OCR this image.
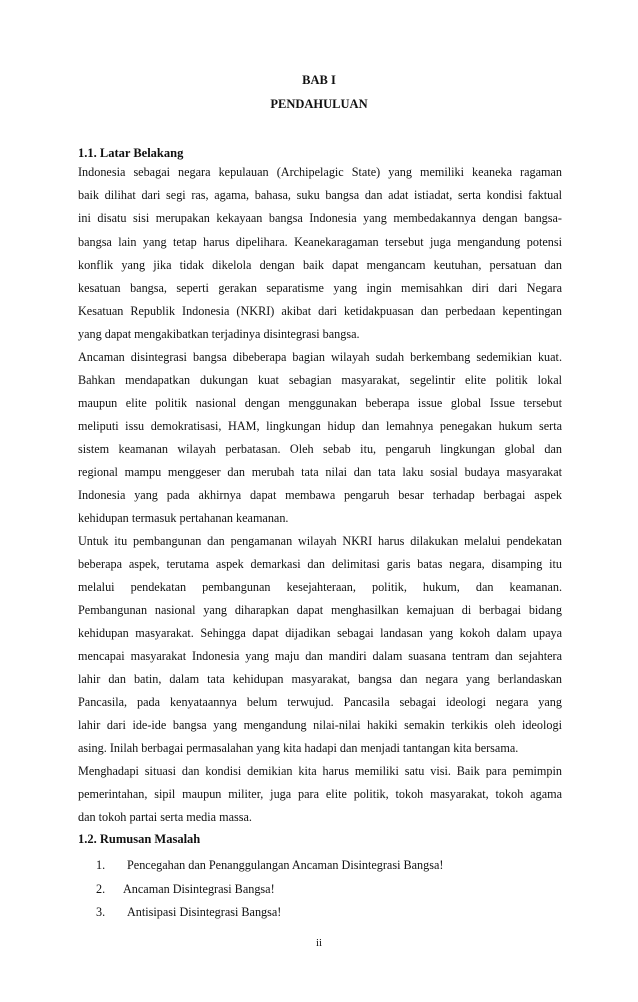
BAB I
PENDAHULUAN
1.1. Latar Belakang
Indonesia sebagai negara kepulauan (Archipelagic State) yang memiliki keaneka ragaman
baik dilihat dari segi ras, agama, bahasa, suku bangsa dan adat istiadat, serta kondisi faktual
ini disatu sisi merupakan kekayaan bangsa Indonesia yang membedakannya dengan bangsa-
bangsa lain yang tetap harus dipelihara. Keanekaragaman tersebut juga mengandung potensi
konflik yang jika tidak dikelola dengan baik dapat mengancam keutuhan, persatuan dan
kesatuan bangsa, seperti gerakan separatisme yang ingin memisahkan diri dari Negara
Kesatuan Republik Indonesia (NKRI) akibat dari ketidakpuasan dan perbedaan kepentingan
yang dapat mengakibatkan terjadinya disintegrasi bangsa.
Ancaman disintegrasi bangsa dibeberapa bagian wilayah sudah berkembang sedemikian kuat.
Bahkan mendapatkan dukungan kuat sebagian masyarakat, segelintir elite politik lokal
maupun elite politik nasional dengan menggunakan beberapa issue global Issue tersebut
meliputi issu demokratisasi, HAM, lingkungan hidup dan lemahnya penegakan hukum serta
sistem keamanan wilayah perbatasan. Oleh sebab itu, pengaruh lingkungan global dan
regional mampu menggeser dan merubah tata nilai dan tata laku sosial budaya masyarakat
Indonesia yang pada akhirnya dapat membawa pengaruh besar terhadap berbagai aspek
kehidupan termasuk pertahanan keamanan.
Untuk itu pembangunan dan pengamanan wilayah NKRI harus dilakukan melalui pendekatan
beberapa aspek, terutama aspek demarkasi dan delimitasi garis batas negara, disamping itu
melalui pendekatan pembangunan kesejahteraan, politik, hukum, dan keamanan.
Pembangunan nasional yang diharapkan dapat menghasilkan kemajuan di berbagai bidang
kehidupan masyarakat. Sehingga dapat dijadikan sebagai landasan yang kokoh dalam upaya
mencapai masyarakat Indonesia yang maju dan mandiri dalam suasana tentram dan sejahtera
lahir dan batin, dalam tata kehidupan masyarakat, bangsa dan negara yang berlandaskan
Pancasila, pada kenyataannya belum terwujud. Pancasila sebagai ideologi negara yang
lahir dari ide-ide bangsa yang mengandung nilai-nilai hakiki semakin terkikis oleh ideologi
asing. Inilah berbagai permasalahan yang kita hadapi dan menjadi tantangan kita bersama.
Menghadapi situasi dan kondisi demikian kita harus memiliki satu visi. Baik para pemimpin
pemerintahan, sipil maupun militer, juga para elite politik, tokoh masyarakat, tokoh agama
dan tokoh partai serta media massa.
1.2. Rumusan Masalah
1. Pencegahan dan Penanggulangan Ancaman Disintegrasi Bangsa!
2. Ancaman Disintegrasi Bangsa!
3. Antisipasi Disintegrasi Bangsa!
ii
